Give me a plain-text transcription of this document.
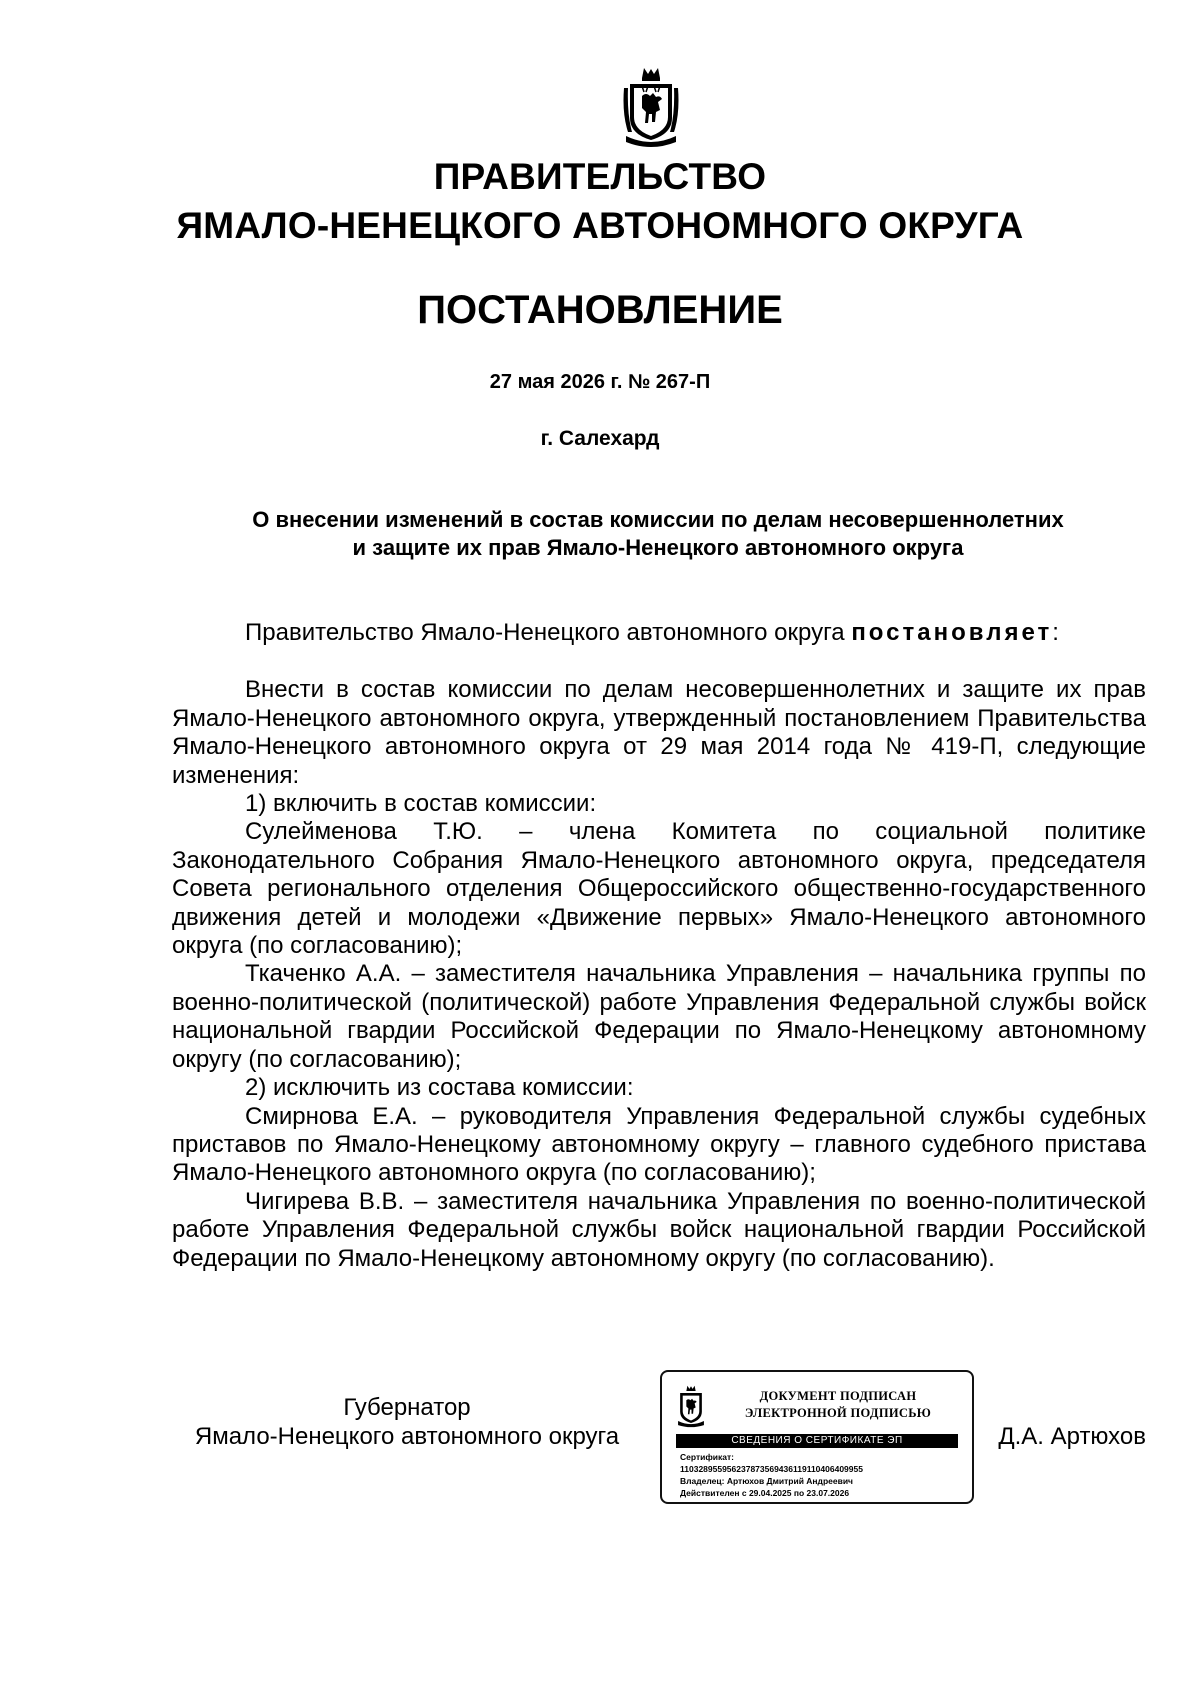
ПРАВИТЕЛЬСТВО
ЯМАЛО-НЕНЕЦКОГО АВТОНОМНОГО ОКРУГА
ПОСТАНОВЛЕНИЕ
27 мая 2026 г. № 267-П
г. Салехард
О внесении изменений в состав комиссии по делам несовершеннолетних
и защите их прав Ямало-Ненецкого автономного округа

Правительство Ямало-Ненецкого автономного округа постановляет:

Внести в состав комиссии по делам несовершеннолетних и защите их прав Ямало-Ненецкого автономного округа, утвержденный постановлением Правительства Ямало-Ненецкого автономного округа от 29 мая 2014 года № 419-П, следующие изменения:

1) включить в состав комиссии:

Сулейменова Т.Ю. – члена Комитета по социальной политике Законодательного Собрания Ямало-Ненецкого автономного округа, председателя Совета регионального отделения Общероссийского общественно-государственного движения детей и молодежи «Движение первых» Ямало-Ненецкого автономного округа (по согласованию);

Ткаченко А.А. – заместителя начальника Управления – начальника группы по военно-политической (политической) работе Управления Федеральной службы войск национальной гвардии Российской Федерации по Ямало-Ненецкому автономному округу (по согласованию);

2) исключить из состава комиссии:

Смирнова Е.А. – руководителя Управления Федеральной службы судебных приставов по Ямало-Ненецкому автономному округу – главного судебного пристава Ямало-Ненецкого автономного округа (по согласованию);

Чигирева В.В. – заместителя начальника Управления по военно-политической работе Управления Федеральной службы войск национальной гвардии Российской Федерации по Ямало-Ненецкому автономному округу (по согласованию).

Губернатор
Ямало-Ненецкого автономного округа	Д.А. Артюхов
ДОКУМЕНТ ПОДПИСАН
ЭЛЕКТРОННОЙ ПОДПИСЬЮ
СВЕДЕНИЯ О СЕРТИФИКАТЕ ЭП
Сертификат:
1103289559562378735694361191104064099​55
Владелец: Артюхов Дмитрий Андреевич
Действителен с 29.04.2025 по 23.07.2026
